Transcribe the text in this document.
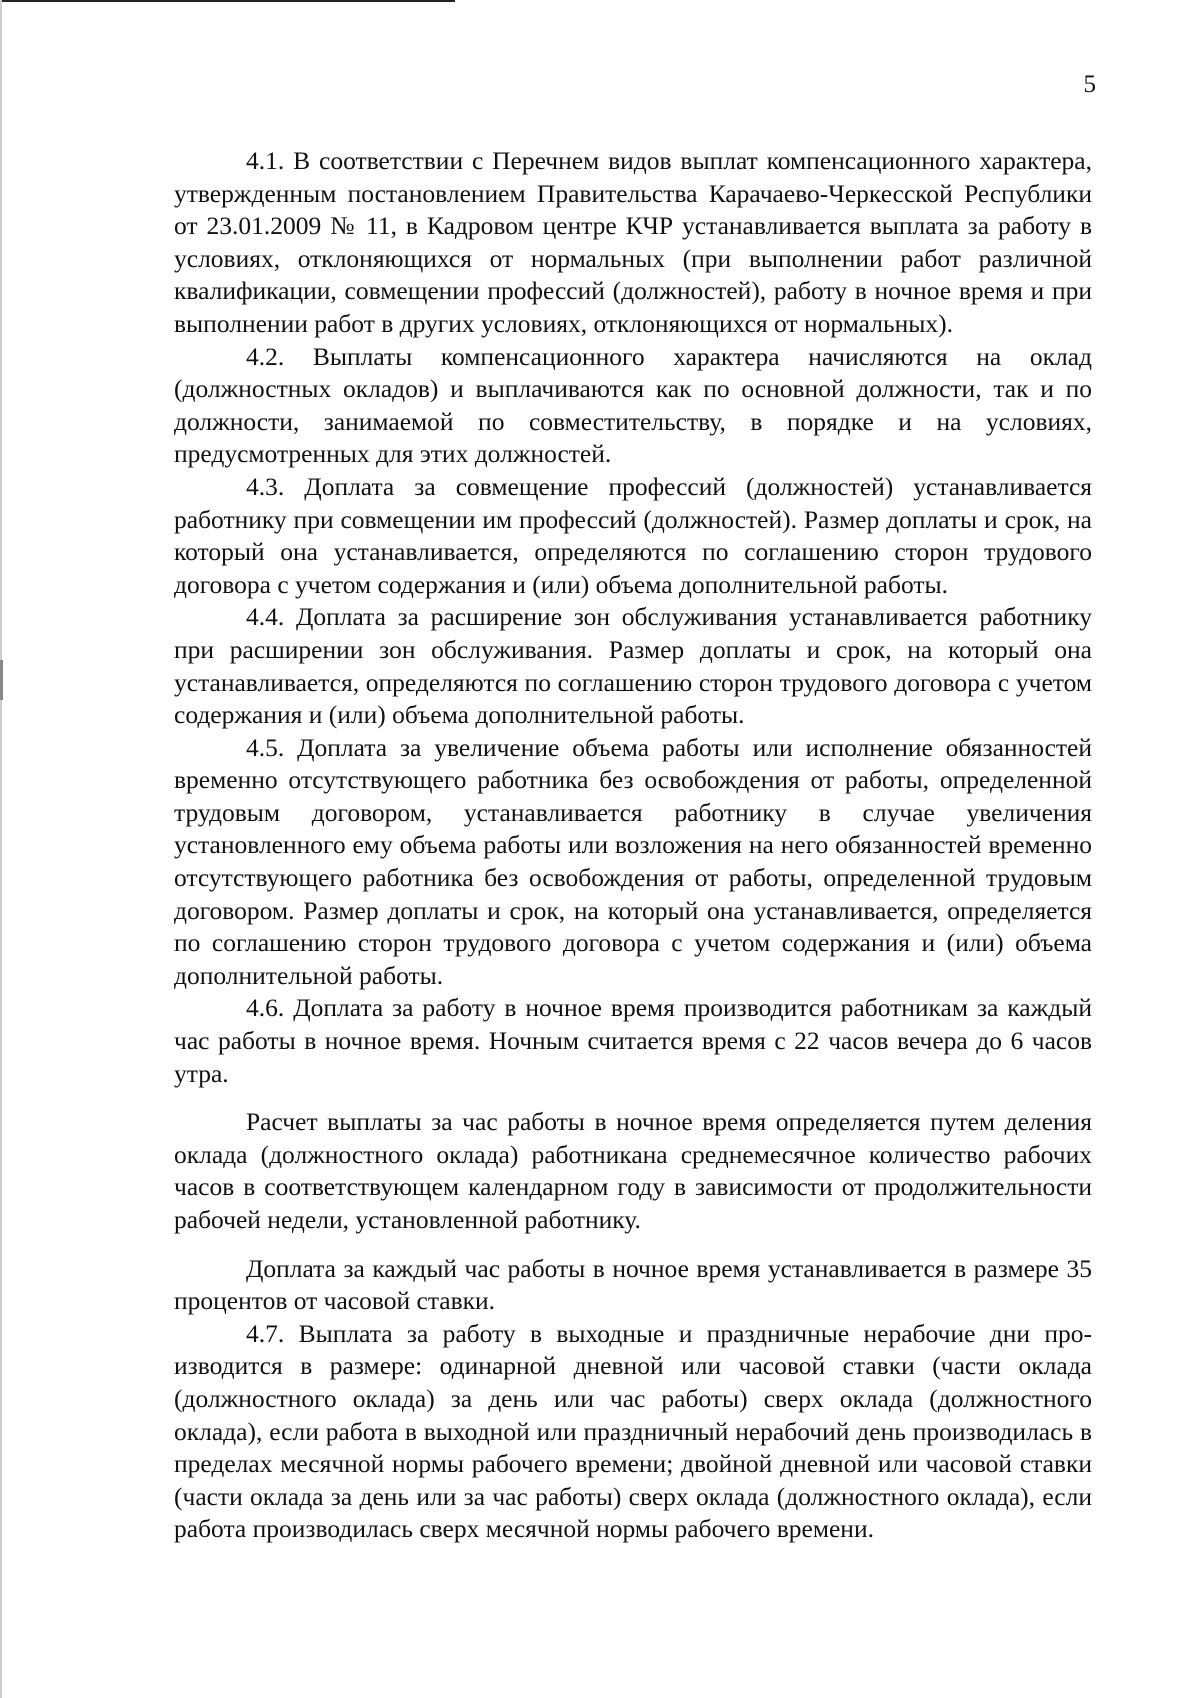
5

4.1. В соответствии с Перечнем видов выплат компенсационного характера, утвержденным постановлением Правительства Карачаево-Черкесской Республики от 23.01.2009 № 11, в Кадровом центре КЧР устанавливается выплата за работу в условиях, отклоняющихся от нормальных (при выполнении работ различной квалификации, совмещении профессий (должностей), работу в ночное время и при выполнении работ в других условиях, отклоняющихся от нормальных).

4.2. Выплаты компенсационного характера начисляются на оклад (должностных окладов) и выплачиваются как по основной должности, так и по должности, занимаемой по совместительству, в порядке и на условиях, предусмотренных для этих должностей.

4.3. Доплата за совмещение профессий (должностей) устанавливается работнику при совмещении им профессий (должностей). Размер доплаты и срок, на который она устанавливается, определяются по соглашению сторон трудового договора с учетом содержания и (или) объема дополнительной работы.

4.4. Доплата за расширение зон обслуживания устанавливается работнику при расширении зон обслуживания. Размер доплаты и срок, на который она устанавливается, определяются по соглашению сторон трудового договора с учетом содержания и (или) объема дополнительной работы.

4.5. Доплата за увеличение объема работы или исполнение обязанностей временно отсутствующего работника без освобождения от работы, определенной трудовым договором, устанавливается работнику в случае увеличения установленного ему объема работы или возложения на него обязанностей временно отсутствующего работника без освобождения от работы, определенной трудовым договором. Размер доплаты и срок, на который она устанавливается, определяется по соглашению сторон трудового договора с учетом содержания и (или) объема дополнительной работы.

4.6. Доплата за работу в ночное время производится работникам за каждый час работы в ночное время. Ночным считается время с 22 часов вечера до 6 часов утра.

Расчет выплаты за час работы в ночное время определяется путем деления оклада (должностного оклада) работникана среднемесячное количество рабочих часов в соответствующем календарном году в зависимости от продолжительности рабочей недели, установленной работнику.

Доплата за каждый час работы в ночное время устанавливается в размере 35 процентов от часовой ставки.

4.7. Выплата за работу в выходные и праздничные нерабочие дни производится в размере: одинарной дневной или часовой ставки (части оклада (должностного оклада) за день или час работы) сверх оклада (должностного оклада), если работа в выходной или праздничный нерабочий день производилась в пределах месячной нормы рабочего времени; двойной дневной или часовой ставки (части оклада за день или за час работы) сверх оклада (должностного оклада), если работа производилась сверх месячной нормы рабочего времени.
